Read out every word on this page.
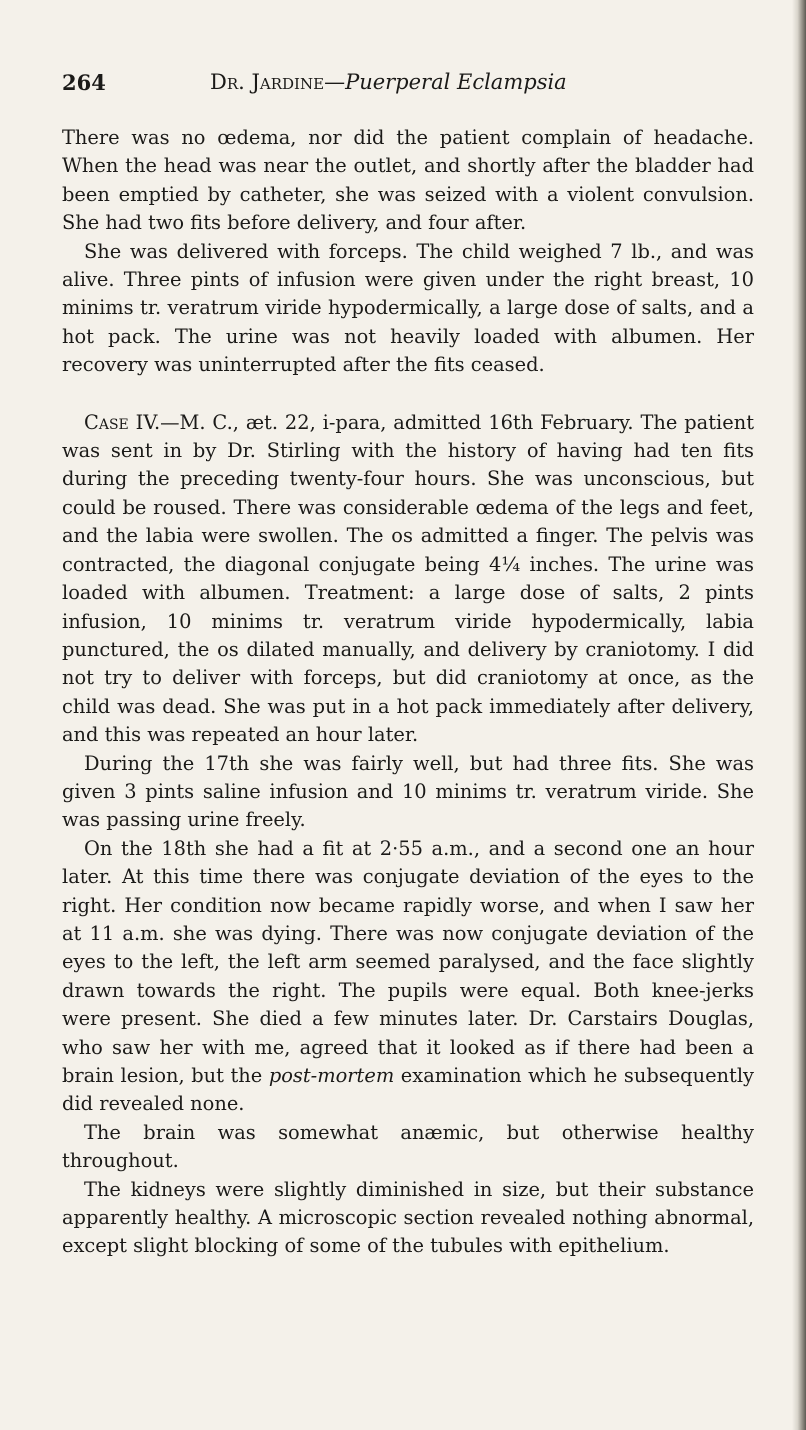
264	Dr. Jardine—Puerperal Eclampsia

There was no œdema, nor did the patient complain of headache. When the head was near the outlet, and shortly after the bladder had been emptied by catheter, she was seized with a violent convulsion. She had two fits before delivery, and four after.

She was delivered with forceps. The child weighed 7 lb., and was alive. Three pints of infusion were given under the right breast, 10 minims tr. veratrum viride hypodermically, a large dose of salts, and a hot pack. The urine was not heavily loaded with albumen. Her recovery was uninterrupted after the fits ceased.

Case IV.—M. C., æt. 22, i-para, admitted 16th February. The patient was sent in by Dr. Stirling with the history of having had ten fits during the preceding twenty-four hours. She was unconscious, but could be roused. There was considerable œdema of the legs and feet, and the labia were swollen. The os admitted a finger. The pelvis was contracted, the diagonal conjugate being 4¼ inches. The urine was loaded with albumen. Treatment: a large dose of salts, 2 pints infusion, 10 minims tr. veratrum viride hypodermically, labia punctured, the os dilated manually, and delivery by craniotomy. I did not try to deliver with forceps, but did craniotomy at once, as the child was dead. She was put in a hot pack immediately after delivery, and this was repeated an hour later.

During the 17th she was fairly well, but had three fits. She was given 3 pints saline infusion and 10 minims tr. veratrum viride. She was passing urine freely.

On the 18th she had a fit at 2·55 a.m., and a second one an hour later. At this time there was conjugate deviation of the eyes to the right. Her condition now became rapidly worse, and when I saw her at 11 a.m. she was dying. There was now conjugate deviation of the eyes to the left, the left arm seemed paralysed, and the face slightly drawn towards the right. The pupils were equal. Both knee-jerks were present. She died a few minutes later. Dr. Carstairs Douglas, who saw her with me, agreed that it looked as if there had been a brain lesion, but the post-mortem examination which he subsequently did revealed none.

The brain was somewhat anæmic, but otherwise healthy throughout.

The kidneys were slightly diminished in size, but their substance apparently healthy. A microscopic section revealed nothing abnormal, except slight blocking of some of the tubules with epithelium.
